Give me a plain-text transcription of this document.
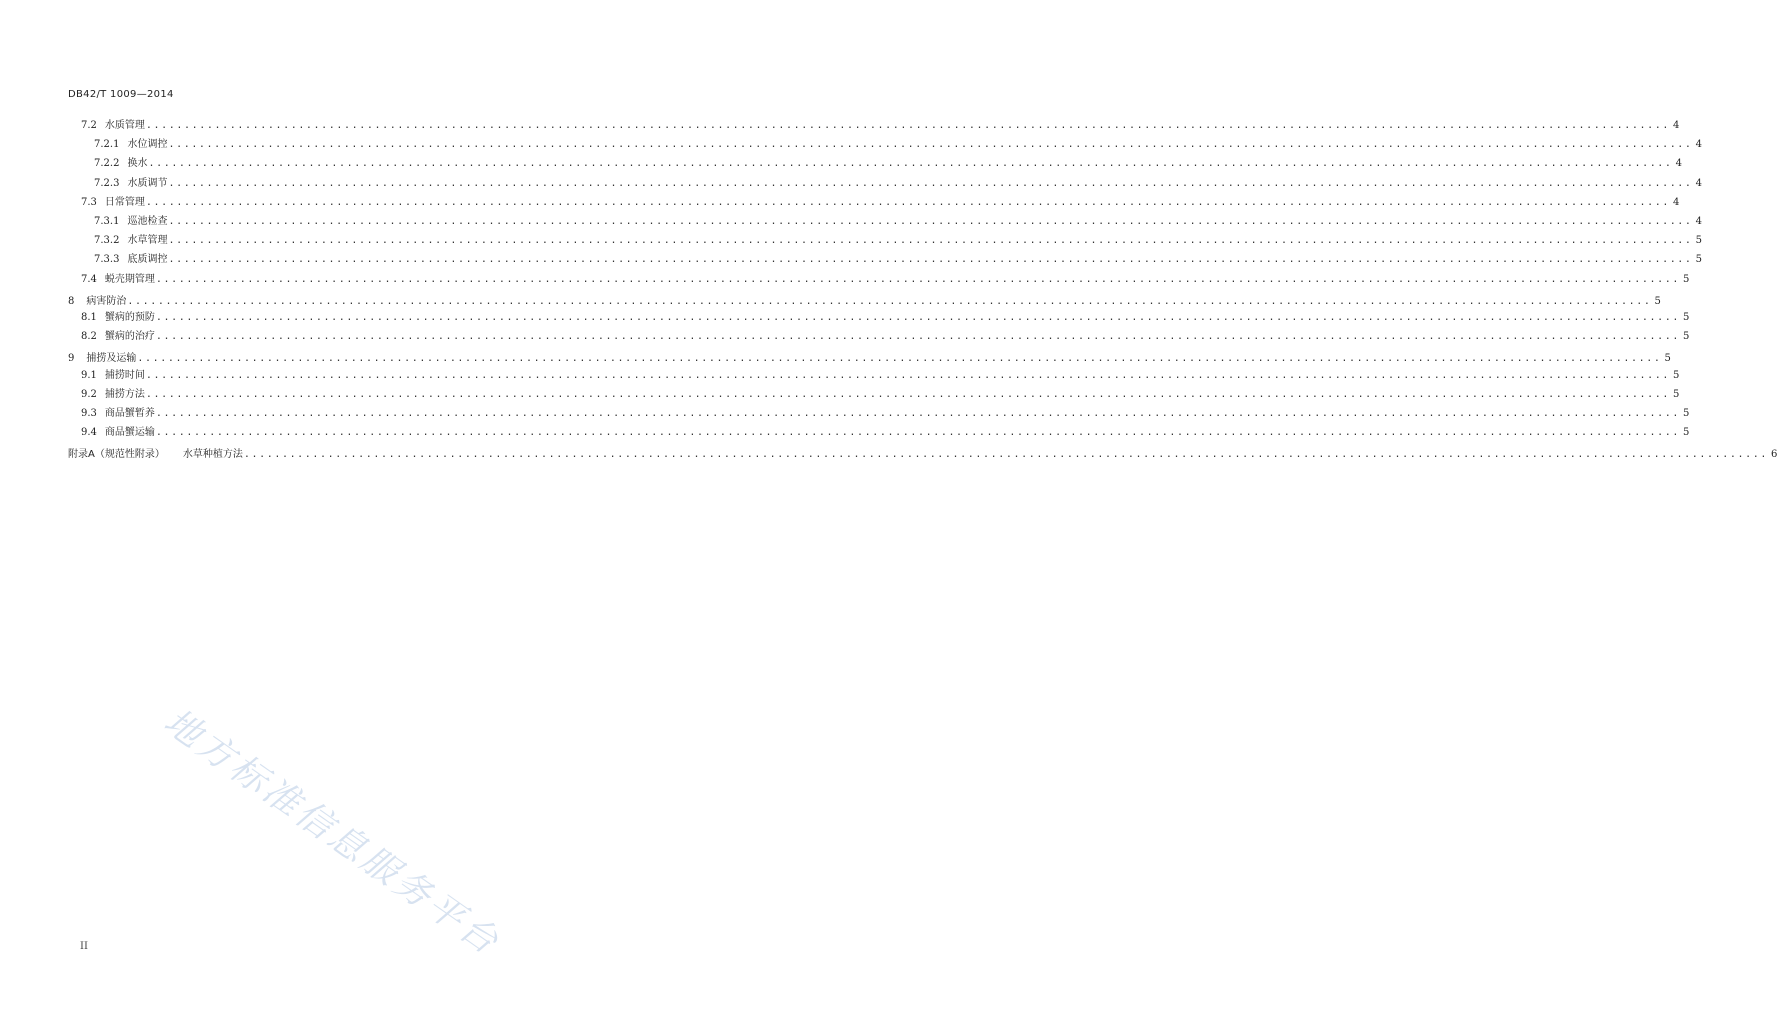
DB42/T 1009—2014
7.2 水质管理 ........................................................................................................................................................................................................ 4
7.2.1 水位调控 ........................................................................................................................................................................................................ 4
7.2.2 换水 ........................................................................................................................................................................................................ 4
7.2.3 水质调节 ........................................................................................................................................................................................................ 4
7.3 日常管理 ........................................................................................................................................................................................................ 4
7.3.1 巡池检查 ........................................................................................................................................................................................................ 4
7.3.2 水草管理 ........................................................................................................................................................................................................ 5
7.3.3 底质调控 ........................................................................................................................................................................................................ 5
7.4 蜕壳期管理 ........................................................................................................................................................................................................ 5
8 病害防治 ........................................................................................................................................................................................................ 5
8.1 蟹病的预防 ........................................................................................................................................................................................................ 5
8.2 蟹病的治疗 ........................................................................................................................................................................................................ 5
9 捕捞及运输 ........................................................................................................................................................................................................ 5
9.1 捕捞时间 ........................................................................................................................................................................................................ 5
9.2 捕捞方法 ........................................................................................................................................................................................................ 5
9.3 商品蟹暂养 ........................................................................................................................................................................................................ 5
9.4 商品蟹运输 ........................................................................................................................................................................................................ 5
附录A（规范性附录） 水草种植方法 ........................................................................................................................................................................................................ 6
地方标准信息服务平台
II
